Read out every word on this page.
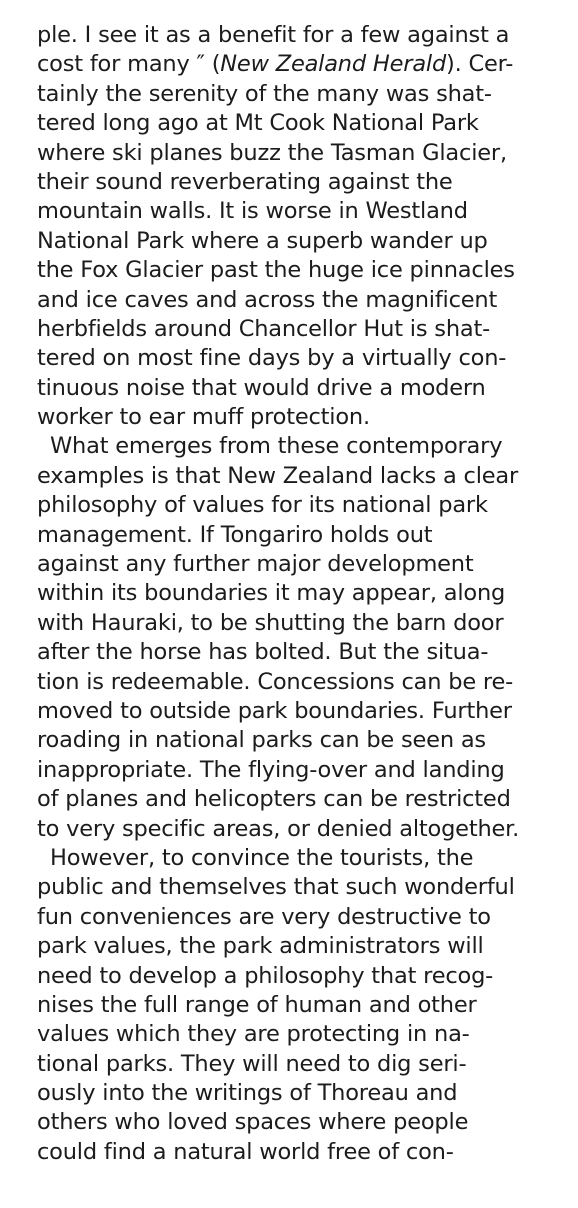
ple. I see it as a benefit for a few against a
cost for many ″ (New Zealand Herald). Cer-
tainly the serenity of the many was shat-
tered long ago at Mt Cook National Park
where ski planes buzz the Tasman Glacier,
their sound reverberating against the
mountain walls. It is worse in Westland
National Park where a superb wander up
the Fox Glacier past the huge ice pinnacles
and ice caves and across the magnificent
herbfields around Chancellor Hut is shat-
tered on most fine days by a virtually con-
tinuous noise that would drive a modern
worker to ear muff protection.
What emerges from these contemporary
examples is that New Zealand lacks a clear
philosophy of values for its national park
management. If Tongariro holds out
against any further major development
within its boundaries it may appear, along
with Hauraki, to be shutting the barn door
after the horse has bolted. But the situa-
tion is redeemable. Concessions can be re-
moved to outside park boundaries. Further
roading in national parks can be seen as
inappropriate. The flying-over and landing
of planes and helicopters can be restricted
to very specific areas, or denied altogether.
However, to convince the tourists, the
public and themselves that such wonderful
fun conveniences are very destructive to
park values, the park administrators will
need to develop a philosophy that recog-
nises the full range of human and other
values which they are protecting in na-
tional parks. They will need to dig seri-
ously into the writings of Thoreau and
others who loved spaces where people
could find a natural world free of con-
